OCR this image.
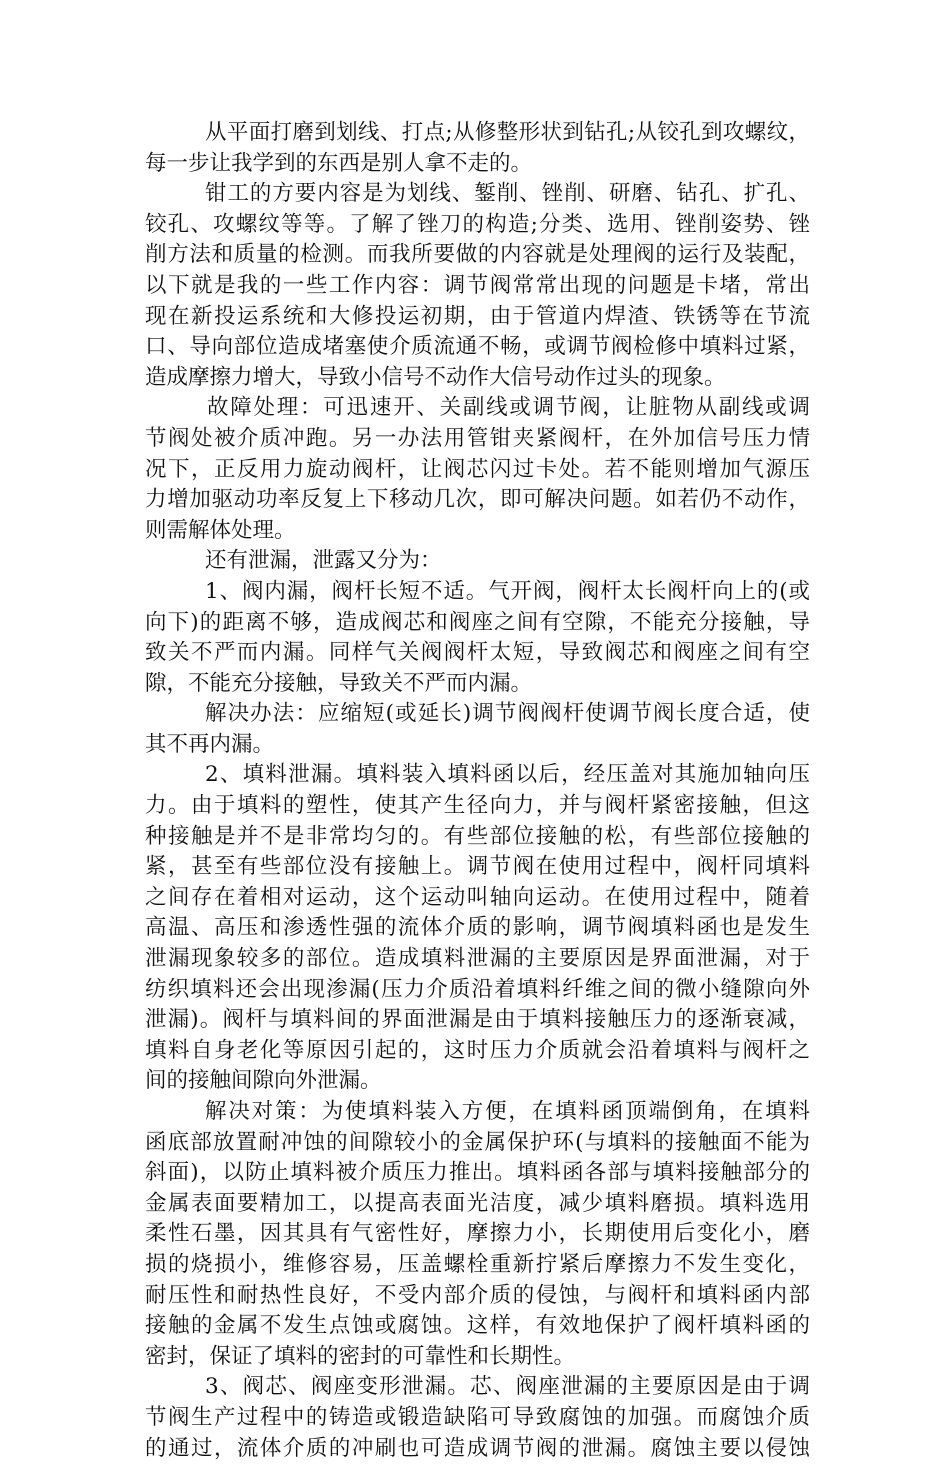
从平面打磨到划线、打点;从修整形状到钻孔;从铰孔到攻螺纹，
每一步让我学到的东西是别人拿不走的。
钳工的方要内容是为划线、錾削、锉削、研磨、钻孔、扩孔、
铰孔、攻螺纹等等。了解了锉刀的构造;分类、选用、锉削姿势、锉
削方法和质量的检测。而我所要做的内容就是处理阀的运行及装配，
以下就是我的一些工作内容：调节阀常常出现的问题是卡堵，常出
现在新投运系统和大修投运初期，由于管道内焊渣、铁锈等在节流
口、导向部位造成堵塞使介质流通不畅，或调节阀检修中填料过紧，
造成摩擦力增大，导致小信号不动作大信号动作过头的现象。
故障处理：可迅速开、关副线或调节阀，让脏物从副线或调
节阀处被介质冲跑。另一办法用管钳夹紧阀杆，在外加信号压力情
况下，正反用力旋动阀杆，让阀芯闪过卡处。若不能则增加气源压
力增加驱动功率反复上下移动几次，即可解决问题。如若仍不动作，
则需解体处理。
还有泄漏，泄露又分为：
1、阀内漏，阀杆长短不适。气开阀，阀杆太长阀杆向上的(或
向下)的距离不够，造成阀芯和阀座之间有空隙，不能充分接触，导
致关不严而内漏。同样气关阀阀杆太短，导致阀芯和阀座之间有空
隙，不能充分接触，导致关不严而内漏。
解决办法：应缩短(或延长)调节阀阀杆使调节阀长度合适，使
其不再内漏。
2、填料泄漏。填料装入填料函以后，经压盖对其施加轴向压
力。由于填料的塑性，使其产生径向力，并与阀杆紧密接触，但这
种接触是并不是非常均匀的。有些部位接触的松，有些部位接触的
紧，甚至有些部位没有接触上。调节阀在使用过程中，阀杆同填料
之间存在着相对运动，这个运动叫轴向运动。在使用过程中，随着
高温、高压和渗透性强的流体介质的影响，调节阀填料函也是发生
泄漏现象较多的部位。造成填料泄漏的主要原因是界面泄漏，对于
纺织填料还会出现渗漏(压力介质沿着填料纤维之间的微小缝隙向外
泄漏)。阀杆与填料间的界面泄漏是由于填料接触压力的逐渐衰减，
填料自身老化等原因引起的，这时压力介质就会沿着填料与阀杆之
间的接触间隙向外泄漏。
解决对策：为使填料装入方便，在填料函顶端倒角，在填料
函底部放置耐冲蚀的间隙较小的金属保护环(与填料的接触面不能为
斜面)，以防止填料被介质压力推出。填料函各部与填料接触部分的
金属表面要精加工，以提高表面光洁度，减少填料磨损。填料选用
柔性石墨，因其具有气密性好，摩擦力小，长期使用后变化小，磨
损的烧损小，维修容易，压盖螺栓重新拧紧后摩擦力不发生变化，
耐压性和耐热性良好，不受内部介质的侵蚀，与阀杆和填料函内部
接触的金属不发生点蚀或腐蚀。这样，有效地保护了阀杆填料函的
密封，保证了填料的密封的可靠性和长期性。
3、阀芯、阀座变形泄漏。芯、阀座泄漏的主要原因是由于调
节阀生产过程中的铸造或锻造缺陷可导致腐蚀的加强。而腐蚀介质
的通过，流体介质的冲刷也可造成调节阀的泄漏。腐蚀主要以侵蚀
